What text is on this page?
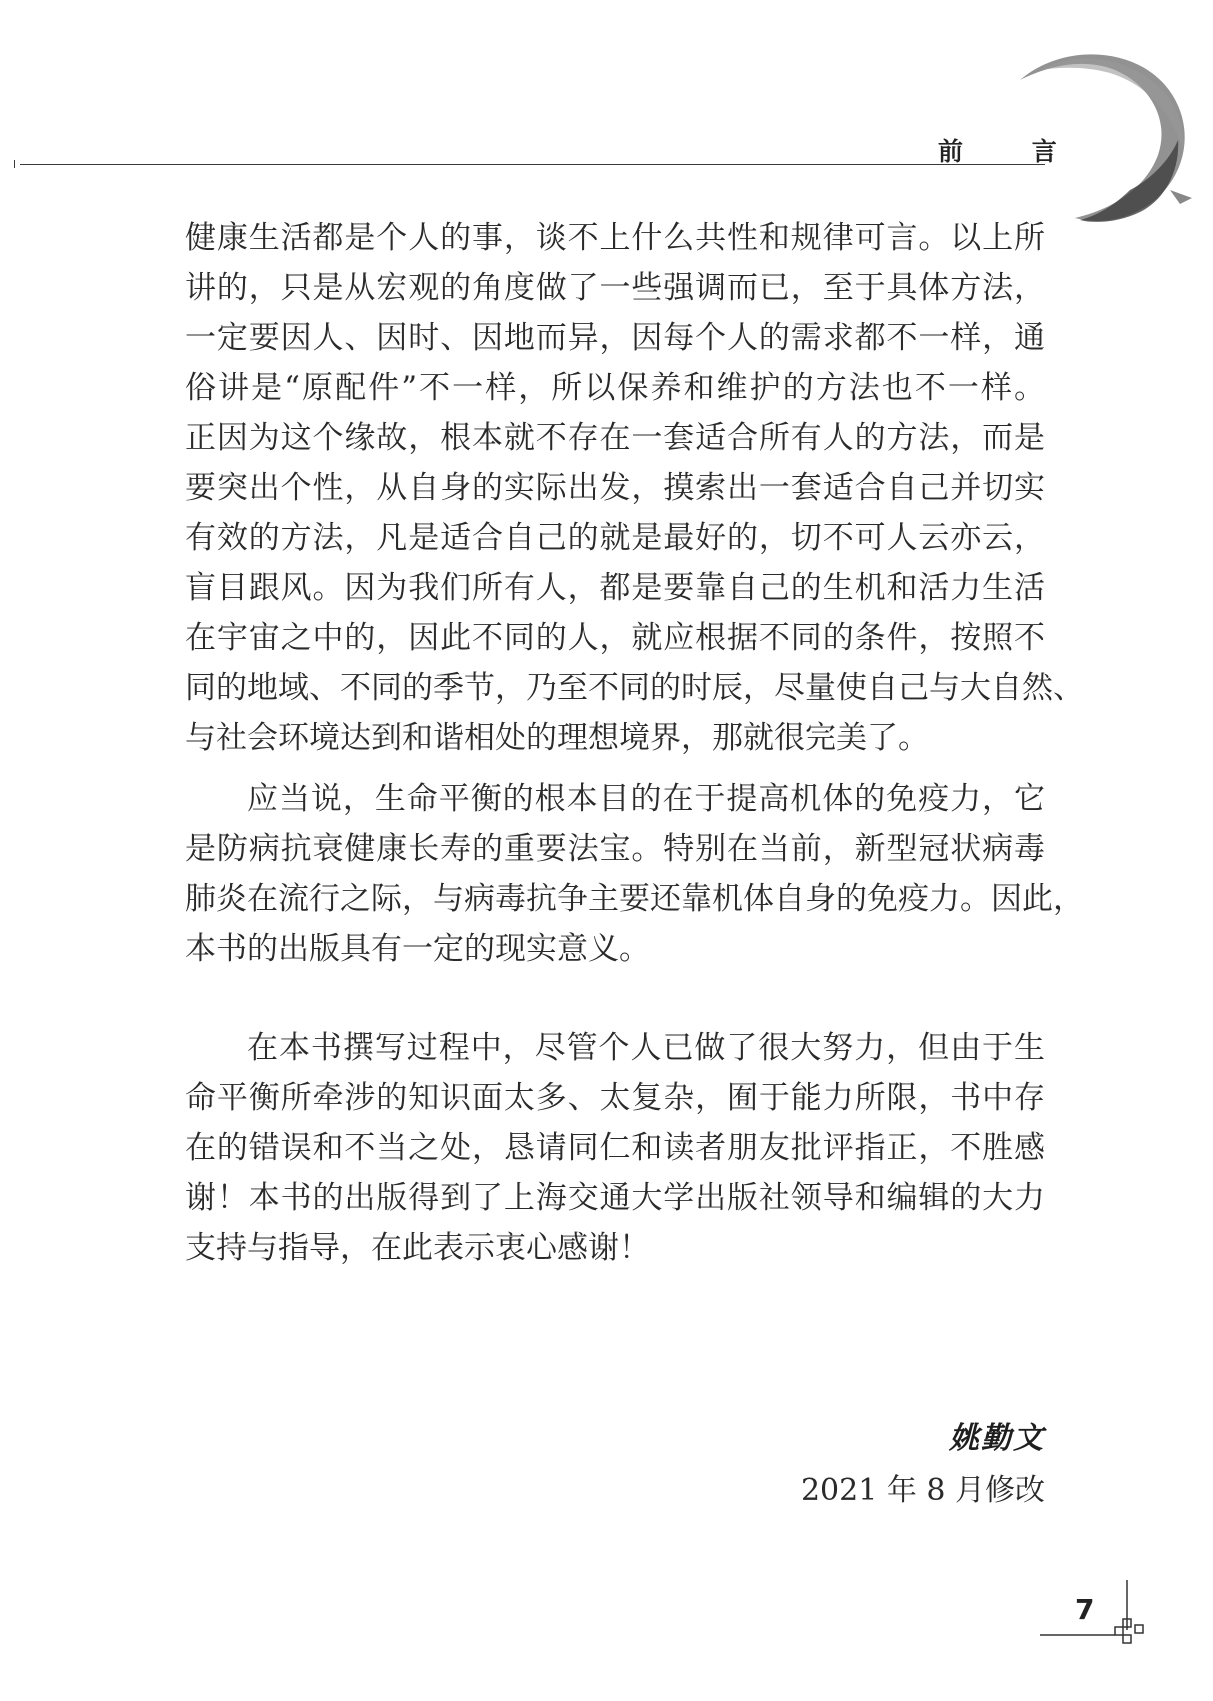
前 言
健康生活都是个人的事，谈不上什么共性和规律可言。以上所
讲的，只是从宏观的角度做了一些强调而已，至于具体方法，
一定要因人、因时、因地而异，因每个人的需求都不一样，通
俗讲是“原配件”不一样，所以保养和维护的方法也不一样。
正因为这个缘故，根本就不存在一套适合所有人的方法，而是
要突出个性，从自身的实际出发，摸索出一套适合自己并切实
有效的方法，凡是适合自己的就是最好的，切不可人云亦云，
盲目跟风。因为我们所有人，都是要靠自己的生机和活力生活
在宇宙之中的，因此不同的人，就应根据不同的条件，按照不
同的地域、不同的季节，乃至不同的时辰，尽量使自己与大自然、
与社会环境达到和谐相处的理想境界，那就很完美了。
应当说，生命平衡的根本目的在于提高机体的免疫力，它
是防病抗衰健康长寿的重要法宝。特别在当前，新型冠状病毒
肺炎在流行之际，与病毒抗争主要还靠机体自身的免疫力。因此，
本书的出版具有一定的现实意义。
在本书撰写过程中，尽管个人已做了很大努力，但由于生
命平衡所牵涉的知识面太多、太复杂，囿于能力所限，书中存
在的错误和不当之处，恳请同仁和读者朋友批评指正，不胜感
谢！本书的出版得到了上海交通大学出版社领导和编辑的大力
支持与指导，在此表示衷心感谢！
姚勤文
2021 年 8 月修改
7
